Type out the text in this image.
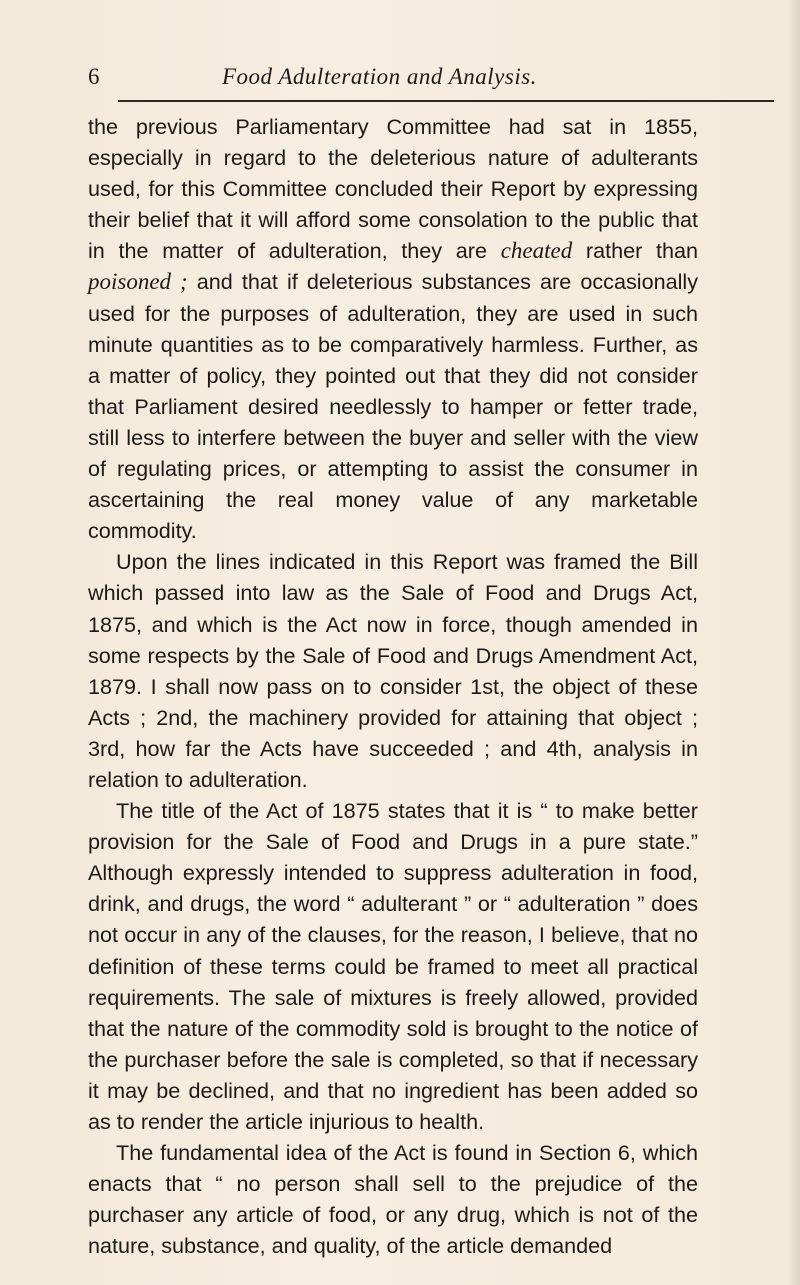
6	Food Adulteration and Analysis.

the previous Parliamentary Committee had sat in 1855, especially in regard to the deleterious nature of adulterants used, for this Committee concluded their Report by expressing their belief that it will afford some consolation to the public that in the matter of adulteration, they are cheated rather than poisoned ; and that if deleterious substances are occasionally used for the purposes of adulteration, they are used in such minute quantities as to be comparatively harmless. Further, as a matter of policy, they pointed out that they did not consider that Parliament desired needlessly to hamper or fetter trade, still less to interfere between the buyer and seller with the view of regulating prices, or attempting to assist the consumer in ascertaining the real money value of any marketable commodity.

Upon the lines indicated in this Report was framed the Bill which passed into law as the Sale of Food and Drugs Act, 1875, and which is the Act now in force, though amended in some respects by the Sale of Food and Drugs Amendment Act, 1879. I shall now pass on to consider 1st, the object of these Acts ; 2nd, the machinery provided for attaining that object ; 3rd, how far the Acts have succeeded ; and 4th, analysis in relation to adulteration.

The title of the Act of 1875 states that it is “ to make better provision for the Sale of Food and Drugs in a pure state.” Although expressly intended to suppress adulteration in food, drink, and drugs, the word “ adulterant ” or “ adulteration ” does not occur in any of the clauses, for the reason, I believe, that no definition of these terms could be framed to meet all practical requirements. The sale of mixtures is freely allowed, provided that the nature of the commodity sold is brought to the notice of the purchaser before the sale is completed, so that if necessary it may be declined, and that no ingredient has been added so as to render the article injurious to health.

The fundamental idea of the Act is found in Section 6, which enacts that “ no person shall sell to the prejudice of the purchaser any article of food, or any drug, which is not of the nature, substance, and quality, of the article demanded
